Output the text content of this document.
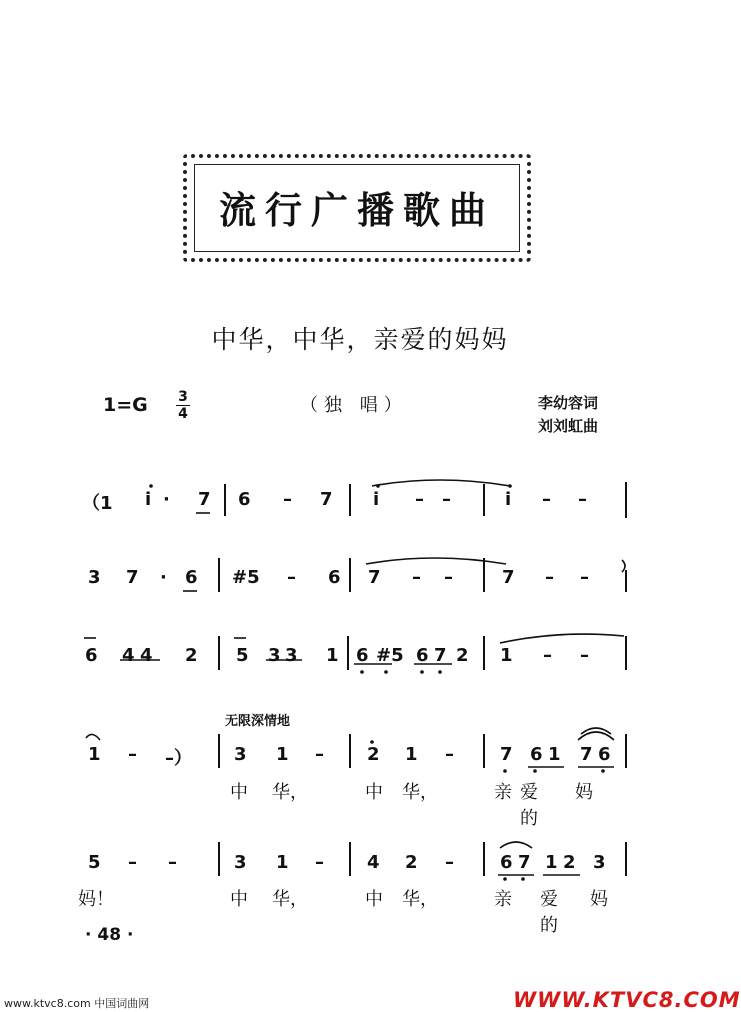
流行广播歌曲
中华，中华，亲爱的妈妈
1=G 3
4	（独 唱）	李幼容词
刘刘虹曲
（1 i · 7 6 – 7 i – –	i – –
3 7 · 6 #5 – 6 7 – –	7 – –
6 4 4 2 5 3 3 1 6 #5 6 7 2 1 – –
无限深情地
1 – –） 3 1 – 2 1 –	7 6 1 7 6
中 华，	中 华，	亲 爱的
妈
5 – –	3 1 – 4 2 –	6 7 1 2 3
妈！	中 华，	中 华，	亲 爱的
妈
· 48 ·
www.ktvc8.com 中国词曲网	WWW.KTVC8.COM
